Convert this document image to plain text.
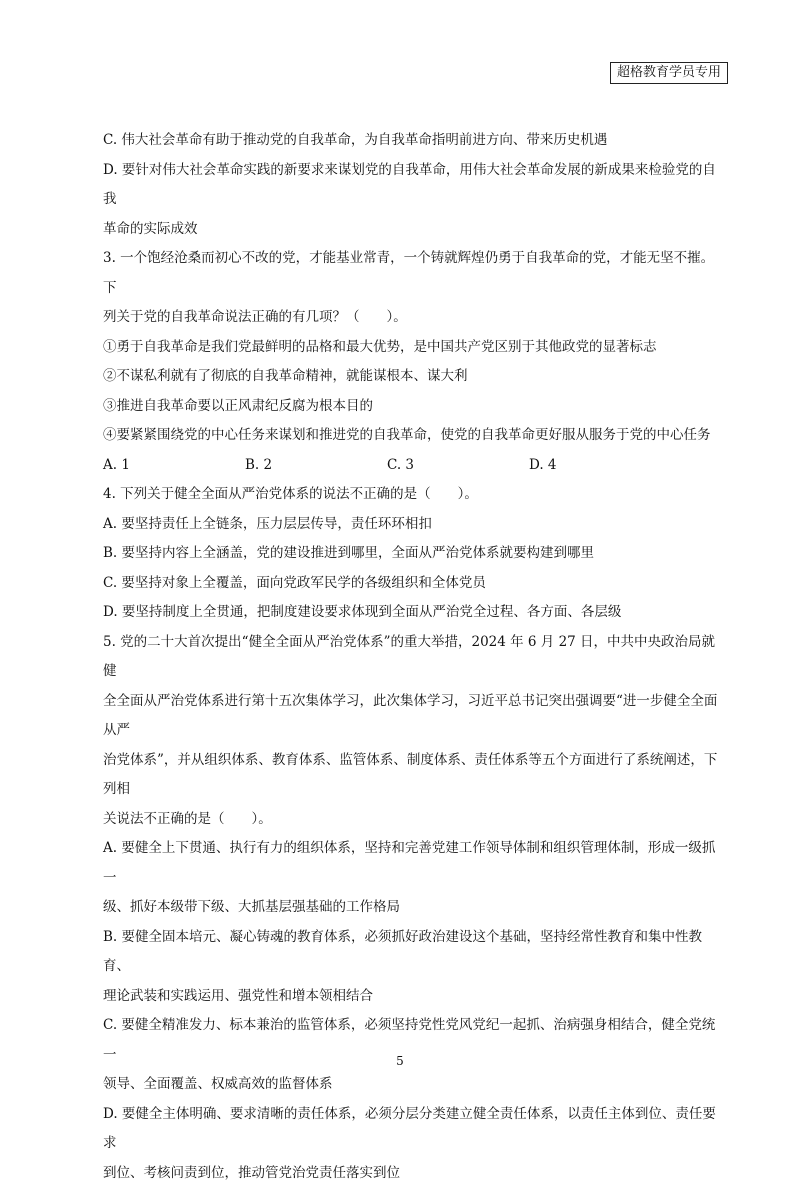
超格教育学员专用

C. 伟大社会革命有助于推动党的自我革命，为自我革命指明前进方向、带来历史机遇

D. 要针对伟大社会革命实践的新要求来谋划党的自我革命，用伟大社会革命发展的新成果来检验党的自我

革命的实际成效

3. 一个饱经沧桑而初心不改的党，才能基业常青，一个铸就辉煌仍勇于自我革命的党，才能无坚不摧。下

列关于党的自我革命说法正确的有几项？（　　）。

①勇于自我革命是我们党最鲜明的品格和最大优势，是中国共产党区别于其他政党的显著标志

②不谋私利就有了彻底的自我革命精神，就能谋根本、谋大利

③推进自我革命要以正风肃纪反腐为根本目的

④要紧紧围绕党的中心任务来谋划和推进党的自我革命，使党的自我革命更好服从服务于党的中心任务

A. 1	B. 2	C. 3	D. 4

4. 下列关于健全全面从严治党体系的说法不正确的是（　　）。

A. 要坚持责任上全链条，压力层层传导，责任环环相扣

B. 要坚持内容上全涵盖，党的建设推进到哪里，全面从严治党体系就要构建到哪里

C. 要坚持对象上全覆盖，面向党政军民学的各级组织和全体党员

D. 要坚持制度上全贯通，把制度建设要求体现到全面从严治党全过程、各方面、各层级

5. 党的二十大首次提出“健全全面从严治党体系”的重大举措，2024 年 6 月 27 日，中共中央政治局就健

全全面从严治党体系进行第十五次集体学习，此次集体学习，习近平总书记突出强调要“进一步健全全面从严

治党体系”，并从组织体系、教育体系、监管体系、制度体系、责任体系等五个方面进行了系统阐述，下列相

关说法不正确的是（　　）。

A. 要健全上下贯通、执行有力的组织体系，坚持和完善党建工作领导体制和组织管理体制，形成一级抓一

级、抓好本级带下级、大抓基层强基础的工作格局

B. 要健全固本培元、凝心铸魂的教育体系，必须抓好政治建设这个基础，坚持经常性教育和集中性教育、

理论武装和实践运用、强党性和增本领相结合

C. 要健全精准发力、标本兼治的监管体系，必须坚持党性党风党纪一起抓、治病强身相结合，健全党统一

领导、全面覆盖、权威高效的监督体系

D. 要健全主体明确、要求清晰的责任体系，必须分层分类建立健全责任体系，以责任主体到位、责任要求

到位、考核问责到位，推动管党治党责任落实到位

5
